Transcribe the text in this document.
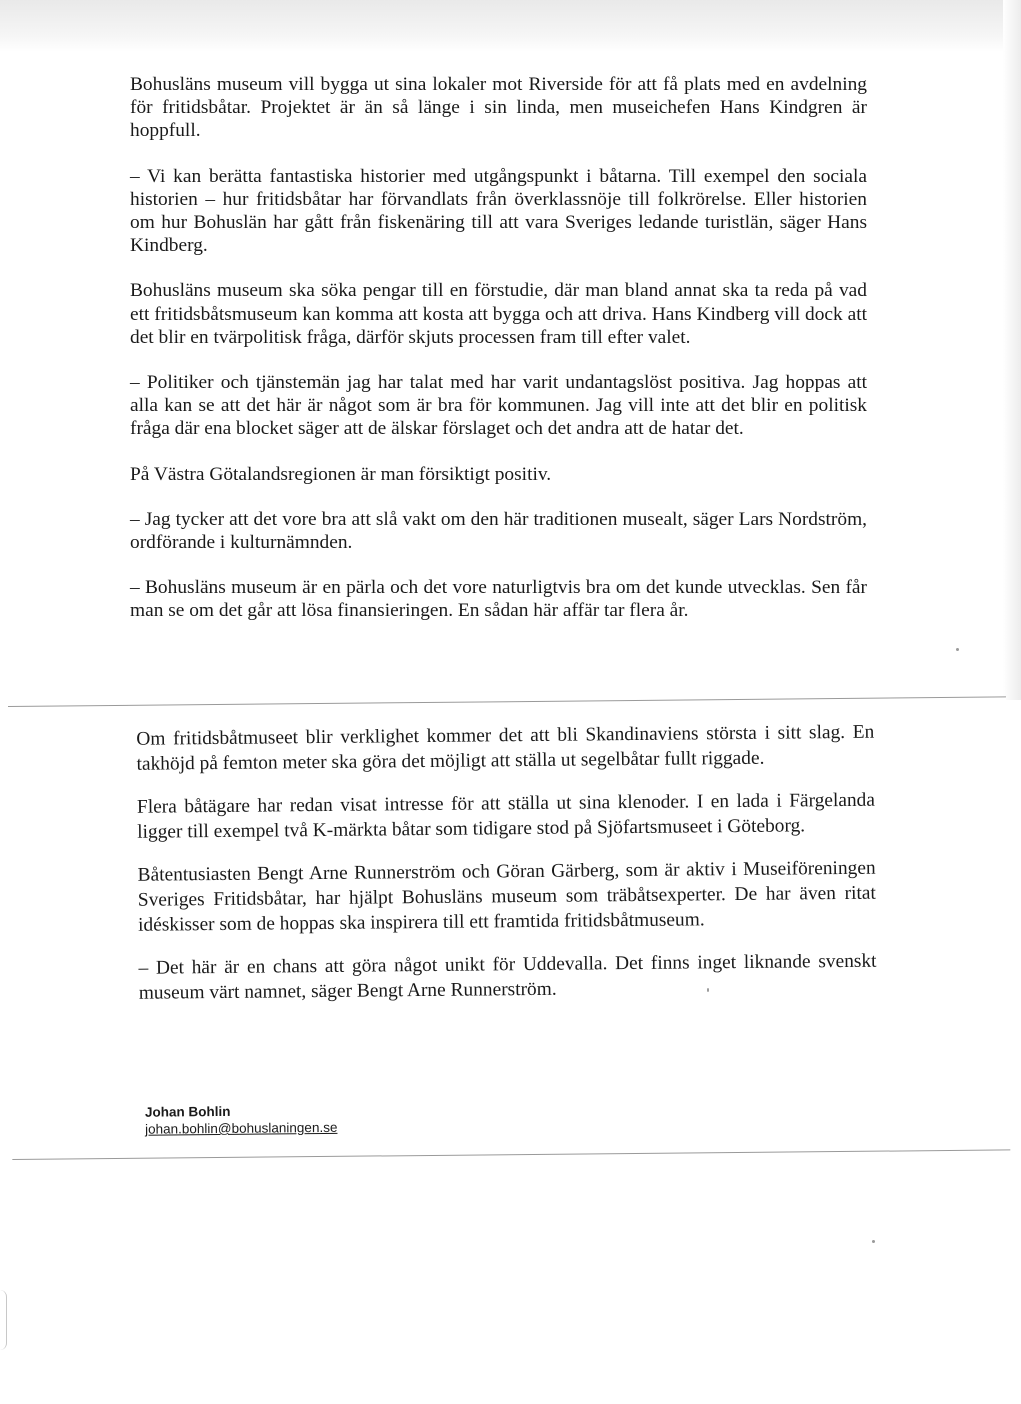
Bohusläns museum vill bygga ut sina lokaler mot Riverside för att få plats med en avdelning för fritidsbåtar. Projektet är än så länge i sin linda, men museichefen Hans Kindgren är hoppfull.

– Vi kan berätta fantastiska historier med utgångspunkt i båtarna. Till exempel den sociala historien – hur fritidsbåtar har förvandlats från överklassnöje till folkrörelse. Eller historien om hur Bohuslän har gått från fiskenäring till att vara Sveriges ledande turistlän, säger Hans Kindberg.

Bohusläns museum ska söka pengar till en förstudie, där man bland annat ska ta reda på vad ett fritidsbåtsmuseum kan komma att kosta att bygga och att driva. Hans Kindberg vill dock att det blir en tvärpolitisk fråga, därför skjuts processen fram till efter valet.

– Politiker och tjänstemän jag har talat med har varit undantagslöst positiva. Jag hoppas att alla kan se att det här är något som är bra för kommunen. Jag vill inte att det blir en politisk fråga där ena blocket säger att de älskar förslaget och det andra att de hatar det.

På Västra Götalandsregionen är man försiktigt positiv.

– Jag tycker att det vore bra att slå vakt om den här traditionen musealt, säger Lars Nordström, ordförande i kulturnämnden.

– Bohusläns museum är en pärla och det vore naturligtvis bra om det kunde utvecklas. Sen får man se om det går att lösa finansieringen. En sådan här affär tar flera år.

Om fritidsbåtmuseet blir verklighet kommer det att bli Skandinaviens största i sitt slag. En takhöjd på femton meter ska göra det möjligt att ställa ut segelbåtar fullt riggade.

Flera båtägare har redan visat intresse för att ställa ut sina klenoder. I en lada i Färgelanda ligger till exempel två K-märkta båtar som tidigare stod på Sjöfartsmuseet i Göteborg.

Båtentusiasten Bengt Arne Runnerström och Göran Gärberg, som är aktiv i Museiföreningen Sveriges Fritidsbåtar, har hjälpt Bohusläns museum som träbåtsexperter. De har även ritat idéskisser som de hoppas ska inspirera till ett framtida fritidsbåtmuseum.

– Det här är en chans att göra något unikt för Uddevalla. Det finns inget liknande svenskt museum värt namnet, säger Bengt Arne Runnerström.

Johan Bohlin
johan.bohlin@bohuslaningen.se
